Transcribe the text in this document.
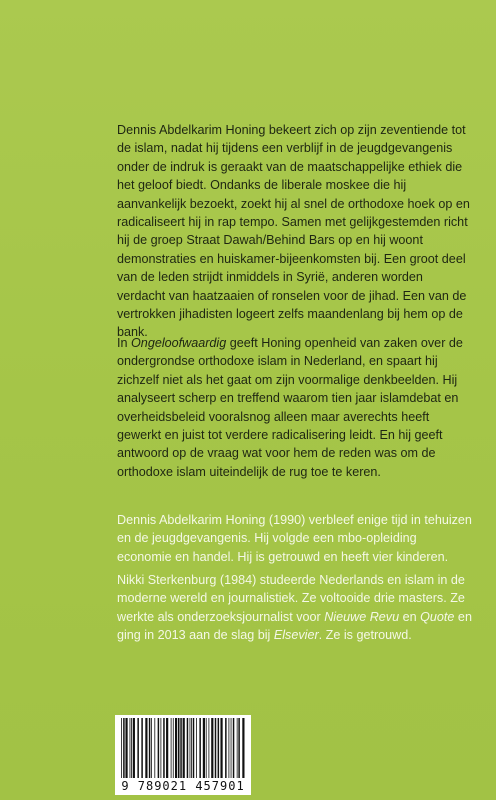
Dennis Abdelkarim Honing bekeert zich op zijn zeventiende tot de islam, nadat hij tijdens een verblijf in de jeugdgevangenis onder de indruk is geraakt van de maatschappelijke ethiek die het geloof biedt. Ondanks de liberale moskee die hij aanvankelijk bezoekt, zoekt hij al snel de orthodoxe hoek op en radicaliseert hij in rap tempo. Samen met gelijkgestemden richt hij de groep Straat Dawah/Behind Bars op en hij woont demonstraties en huiskamer-bijeenkomsten bij. Een groot deel van de leden strijdt inmiddels in Syrië, anderen worden verdacht van haatzaaien of ronselen voor de jihad. Een van de vertrokken jihadisten logeert zelfs maandenlang bij hem op de bank.

In Ongeloofwaardig geeft Honing openheid van zaken over de ondergrondse orthodoxe islam in Nederland, en spaart hij zichzelf niet als het gaat om zijn voormalige denkbeelden. Hij analyseert scherp en treffend waarom tien jaar islamdebat en overheidsbeleid vooralsnog alleen maar averechts heeft gewerkt en juist tot verdere radicalisering leidt. En hij geeft antwoord op de vraag wat voor hem de reden was om de orthodoxe islam uiteindelijk de rug toe te keren.

Dennis Abdelkarim Honing (1990) verbleef enige tijd in tehuizen en de jeugdgevangenis. Hij volgde een mbo-opleiding economie en handel. Hij is getrouwd en heeft vier kinderen.

Nikki Sterkenburg (1984) studeerde Nederlands en islam in de moderne wereld en journalistiek. Ze voltooide drie masters. Ze werkte als onderzoeksjournalist voor Nieuwe Revu en Quote en ging in 2013 aan de slag bij Elsevier. Ze is getrouwd.

9 789021 457901
